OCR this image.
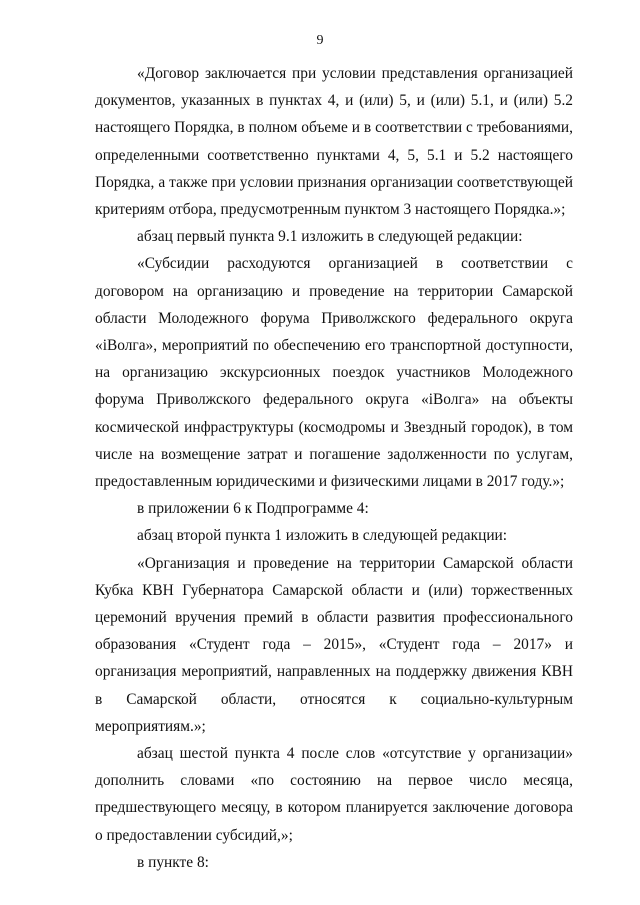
9

«Договор заключается при условии представления организацией документов, указанных в пунктах 4, и (или) 5, и (или) 5.1, и (или) 5.2 настоящего Порядка, в полном объеме и в соответствии с требованиями, определенными соответственно пунктами 4, 5, 5.1 и 5.2 настоящего Порядка, а также при условии признания организации соответствующей критериям отбора, предусмотренным пунктом 3 настоящего Порядка.»;

абзац первый пункта 9.1 изложить в следующей редакции:

«Субсидии расходуются организацией в соответствии с договором на организацию и проведение на территории Самарской области Молодежного форума Приволжского федерального округа «iВолга», мероприятий по обеспечению его транспортной доступности, на организацию экскурсионных поездок участников Молодежного форума Приволжского федерального округа «iВолга» на объекты космической инфраструктуры (космодромы и Звездный городок), в том числе на возмещение затрат и погашение задолженности по услугам, предоставленным юридическими и физическими лицами в 2017 году.»;

в приложении 6 к Подпрограмме 4:

абзац второй пункта 1 изложить в следующей редакции:

«Организация и проведение на территории Самарской области Кубка КВН Губернатора Самарской области и (или) торжественных церемоний вручения премий в области развития профессионального образования «Студент года – 2015», «Студент года – 2017» и организация мероприятий, направленных на поддержку движения КВН в Самарской области, относятся к социально-культурным мероприятиям.»;

абзац шестой пункта 4 после слов «отсутствие у организации» дополнить словами «по состоянию на первое число месяца, предшествующего месяцу, в котором планируется заключение договора о предоставлении субсидий,»;

в пункте 8:
